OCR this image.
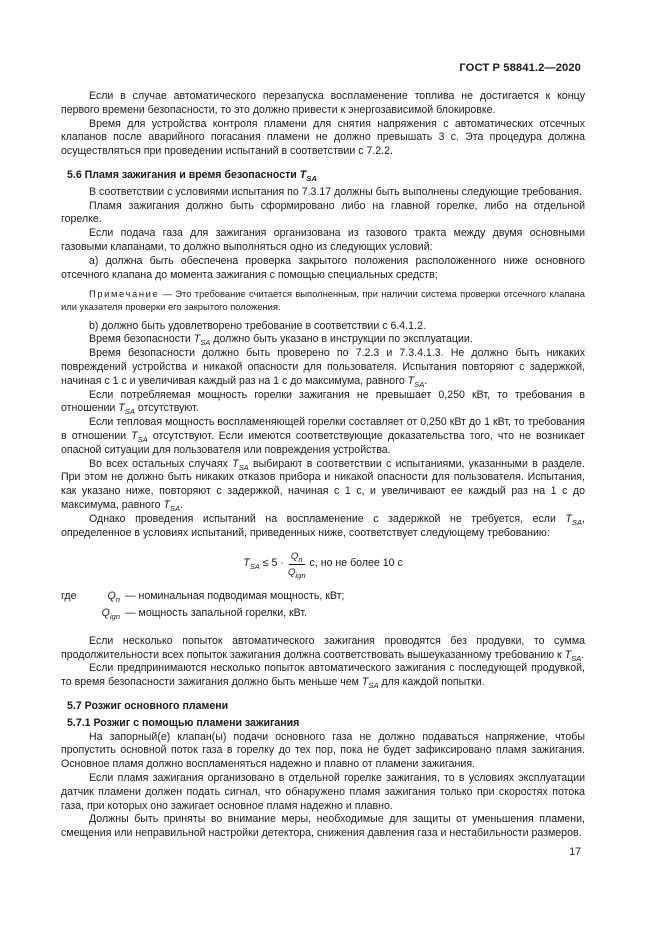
ГОСТ Р 58841.2—2020

Если в случае автоматического перезапуска воспламенение топлива не достигается к концу первого времени безопасности, то это должно привести к энергозависимой блокировке.

Время для устройства контроля пламени для снятия напряжения с автоматических отсечных клапанов после аварийного погасания пламени не должно превышать 3 с. Эта процедура должна осуществляться при проведении испытаний в соответствии с 7.2.2.

5.6 Пламя зажигания и время безопасности $T_{SA}$

В соответствии с условиями испытания по 7.3.17 должны быть выполнены следующие требования.

Пламя зажигания должно быть сформировано либо на главной горелке, либо на отдельной горелке.

Если подача газа для зажигания организована из газового тракта между двумя основными газовыми клапанами, то должно выполняться одно из следующих условий:

а) должна быть обеспечена проверка закрытого положения расположенного ниже основного отсечного клапана до момента зажигания с помощью специальных средств;

Примечание — Это требование считается выполненным, при наличии система проверки отсечного клапана или указателя проверки его закрытого положения.

b) должно быть удовлетворено требование в соответствии с 6.4.1.2.

Время безопасности $T_{SA}$ должно быть указано в инструкции по эксплуатации.

Время безопасности должно быть проверено по 7.2.3 и 7.3.4.1.3. Не должно быть никаких повреждений устройства и никакой опасности для пользователя. Испытания повторяют с задержкой, начиная с 1 с и увеличивая каждый раз на 1 с до максимума, равного $T_{SA}$.

Если потребляемая мощность горелки зажигания не превышает 0,250 кВт, то требования в отношении $T_{SA}$ отсутствуют.

Если тепловая мощность воспламеняющей горелки составляет от 0,250 кВт до 1 кВт, то требования в отношении $T_{SA}$ отсутствуют. Если имеются соответствующие доказательства того, что не возникает опасной ситуации для пользователя или повреждения устройства.

Во всех остальных случаях $T_{SA}$ выбирают в соответствии с испытаниями, указанными в разделе. При этом не должно быть никаких отказов прибора и никакой опасности для пользователя. Испытания, как указано ниже, повторяют с задержкой, начиная с 1 с, и увеличивают ее каждый раз на 1 с до максимума, равного $T_{SA}$.

Однако проведения испытаний на воспламенение с задержкой не требуется, если $T_{SA}$, определенное в условиях испытаний, приведенных ниже, соответствует следующему требованию:

$T_{SA} \le 5 \cdot \frac{Q_n}{Q_{ign}} с$, но не более 10 с
где	$Q_n$ — номинальная подводимая мощность, кВт;
$Q_{ign}$ — мощность запальной горелки, кВт.

Если несколько попыток автоматического зажигания проводятся без продувки, то сумма продолжительности всех попыток зажигания должна соответствовать вышеуказанному требованию к $T_{SA}$.

Если предпринимаются несколько попыток автоматического зажигания с последующей продувкой, то время безопасности зажигания должно быть меньше чем $T_{SA}$ для каждой попытки.

5.7 Розжиг основного пламени

5.7.1 Розжиг с помощью пламени зажигания

На запорный(е) клапан(ы) подачи основного газа не должно подаваться напряжение, чтобы пропустить основной поток газа в горелку до тех пор, пока не будет зафиксировано пламя зажигания. Основное пламя должно воспламеняться надежно и плавно от пламени зажигания.

Если пламя зажигания организовано в отдельной горелке зажигания, то в условиях эксплуатации датчик пламени должен подать сигнал, что обнаружено пламя зажигания только при скоростях потока газа, при которых оно зажигает основное пламя надежно и плавно.

Должны быть приняты во внимание меры, необходимые для защиты от уменьшения пламени, смещения или неправильной настройки детектора, снижения давления газа и нестабильности размеров.

17
